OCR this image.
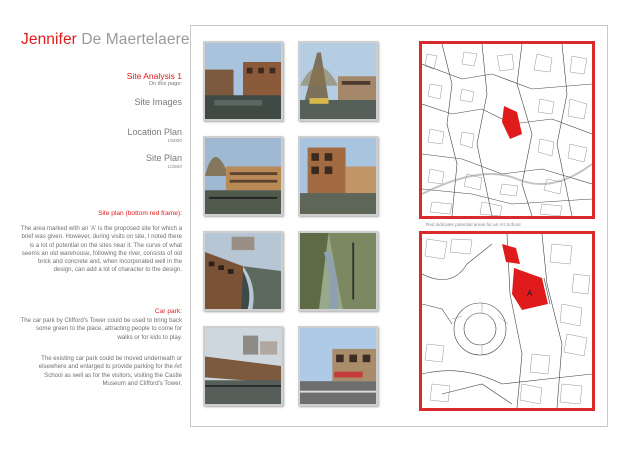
Jennifer De Maertelaere
Site Analysis 1
On this page:
Site Images
Location Plan
1/5000
Site Plan
1/2500
Site plan (bottom red frame):
The area marked with an 'A' is the proposed site for which a brief was given. However, during visits on site, I noted there is a lot of potential on the sites near it. The curve of what seems an old warehouse, following the river, consists of old brick and concrete and, when incorporated well in the design, can add a lot of character to the design.
Car park:
The car park by Clifford's Tower could be used to bring back some green to the place, attracting people to come for walks or for kids to play.
The existing car park could be moved underneath or elsewhere and enlarged to provide parking for the Art School as well as for the visitors, visiting the Castle Museum and Clifford's Tower.
Red indicates potential areas for an Art School
A
